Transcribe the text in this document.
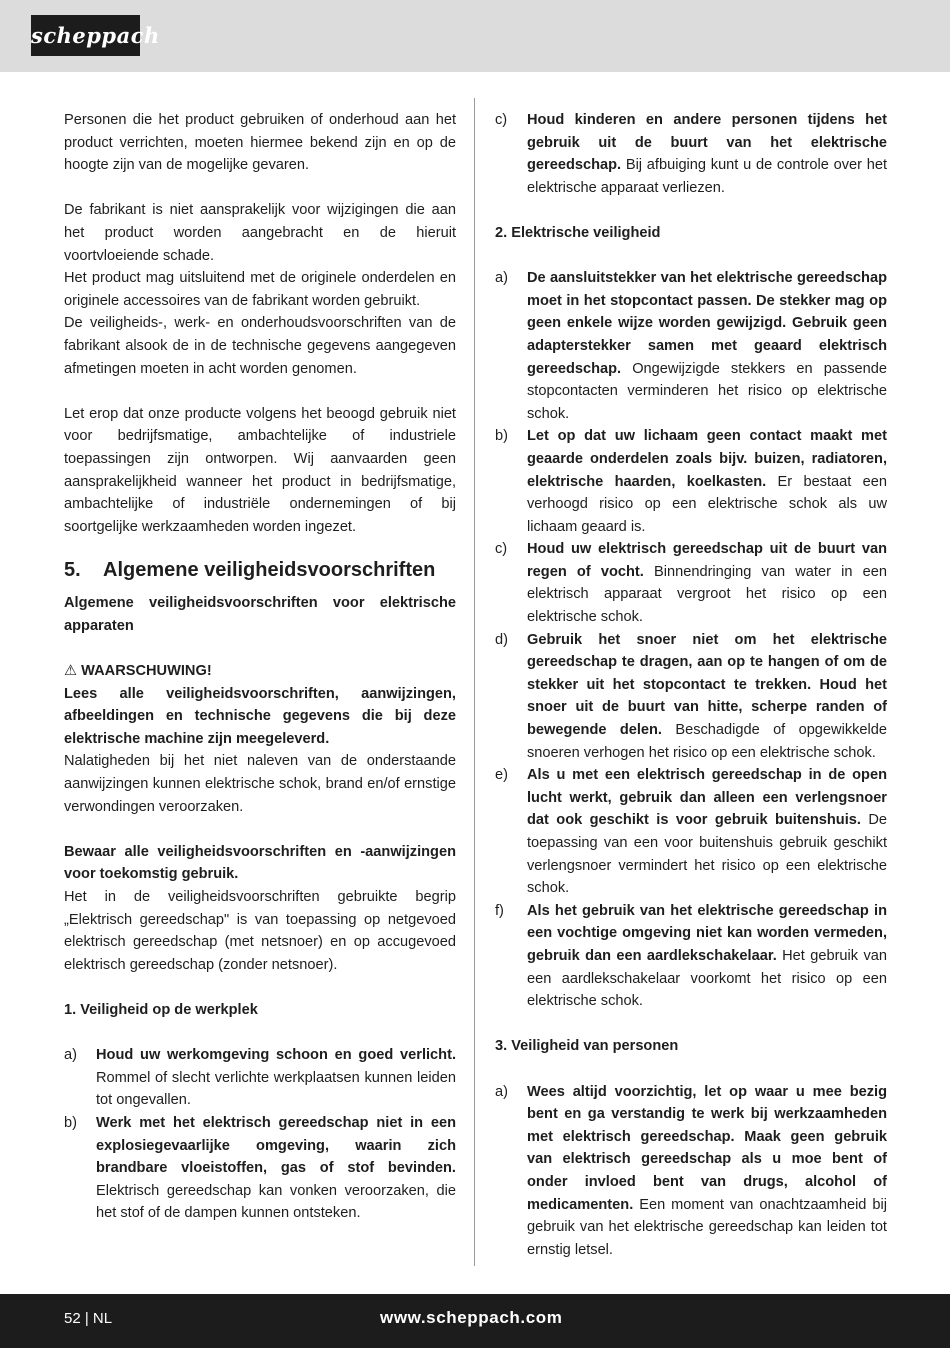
scheppach

Personen die het product gebruiken of onderhoud aan het product verrichten, moeten hiermee bekend zijn en op de hoogte zijn van de mogelijke gevaren.

De fabrikant is niet aansprakelijk voor wijzigingen die aan het product worden aangebracht en de hieruit voortvloeiende schade.

Het product mag uitsluitend met de originele onderdelen en originele accessoires van de fabrikant worden gebruikt.

De veiligheids-, werk- en onderhoudsvoorschriften van de fabrikant alsook de in de technische gegevens aangegeven afmetingen moeten in acht worden genomen.

Let erop dat onze producte volgens het beoogd gebruik niet voor bedrijfsmatige, ambachtelijke of industriele toepassingen zijn ontworpen. Wij aanvaarden geen aansprakelijkheid wanneer het product in bedrijfsmatige, ambachtelijke of industriële ondernemingen of bij soortgelijke werkzaamheden worden ingezet.

5. Algemene veiligheidsvoorschriften

Algemene veiligheidsvoorschriften voor elektrische apparaten

⚠ WAARSCHUWING!

Lees alle veiligheidsvoorschriften, aanwijzingen, afbeeldingen en technische gegevens die bij deze elektrische machine zijn meegeleverd.

Nalatigheden bij het niet naleven van de onderstaande aanwijzingen kunnen elektrische schok, brand en/of ernstige verwondingen veroorzaken.

Bewaar alle veiligheidsvoorschriften en -aanwijzingen voor toekomstig gebruik.

Het in de veiligheidsvoorschriften gebruikte begrip „Elektrisch gereedschap" is van toepassing op netgevoed elektrisch gereedschap (met netsnoer) en op accugevoed elektrisch gereedschap (zonder netsnoer).

1. Veiligheid op de werkplek

a)	Houd uw werkomgeving schoon en goed verlicht. Rommel of slecht verlichte werkplaatsen kunnen leiden tot ongevallen.
b)	Werk met het elektrisch gereedschap niet in een explosiegevaarlijke omgeving, waarin zich brandbare vloeistoffen, gas of stof bevinden. Elektrisch gereedschap kan vonken veroorzaken, die het stof of de dampen kunnen ontsteken.
c)	Houd kinderen en andere personen tijdens het gebruik uit de buurt van het elektrische gereedschap. Bij afbuiging kunt u de controle over het elektrische apparaat verliezen.

2. Elektrische veiligheid

a)	De aansluitstekker van het elektrische gereedschap moet in het stopcontact passen. De stekker mag op geen enkele wijze worden gewijzigd. Gebruik geen adapterstekker samen met geaard elektrisch gereedschap. Ongewijzigde stekkers en passende stopcontacten verminderen het risico op elektrische schok.
b)	Let op dat uw lichaam geen contact maakt met geaarde onderdelen zoals bijv. buizen, radiatoren, elektrische haarden, koelkasten. Er bestaat een verhoogd risico op een elektrische schok als uw lichaam geaard is.
c)	Houd uw elektrisch gereedschap uit de buurt van regen of vocht. Binnendringing van water in een elektrisch apparaat vergroot het risico op een elektrische schok.
d)	Gebruik het snoer niet om het elektrische gereedschap te dragen, aan op te hangen of om de stekker uit het stopcontact te trekken. Houd het snoer uit de buurt van hitte, scherpe randen of bewegende delen. Beschadigde of opgewikkelde snoeren verhogen het risico op een elektrische schok.
e)	Als u met een elektrisch gereedschap in de open lucht werkt, gebruik dan alleen een verlengsnoer dat ook geschikt is voor gebruik buitenshuis. De toepassing van een voor buitenshuis gebruik geschikt verlengsnoer vermindert het risico op een elektrische schok.
f)	Als het gebruik van het elektrische gereedschap in een vochtige omgeving niet kan worden vermeden, gebruik dan een aardlekschakelaar. Het gebruik van een aardlekschakelaar voorkomt het risico op een elektrische schok.

3. Veiligheid van personen

a)	Wees altijd voorzichtig, let op waar u mee bezig bent en ga verstandig te werk bij werkzaamheden met elektrisch gereedschap. Maak geen gebruik van elektrisch gereedschap als u moe bent of onder invloed bent van drugs, alcohol of medicamenten. Een moment van onachtzaamheid bij gebruik van het elektrische gereedschap kan leiden tot ernstig letsel.
52 | NL	www.scheppach.com
